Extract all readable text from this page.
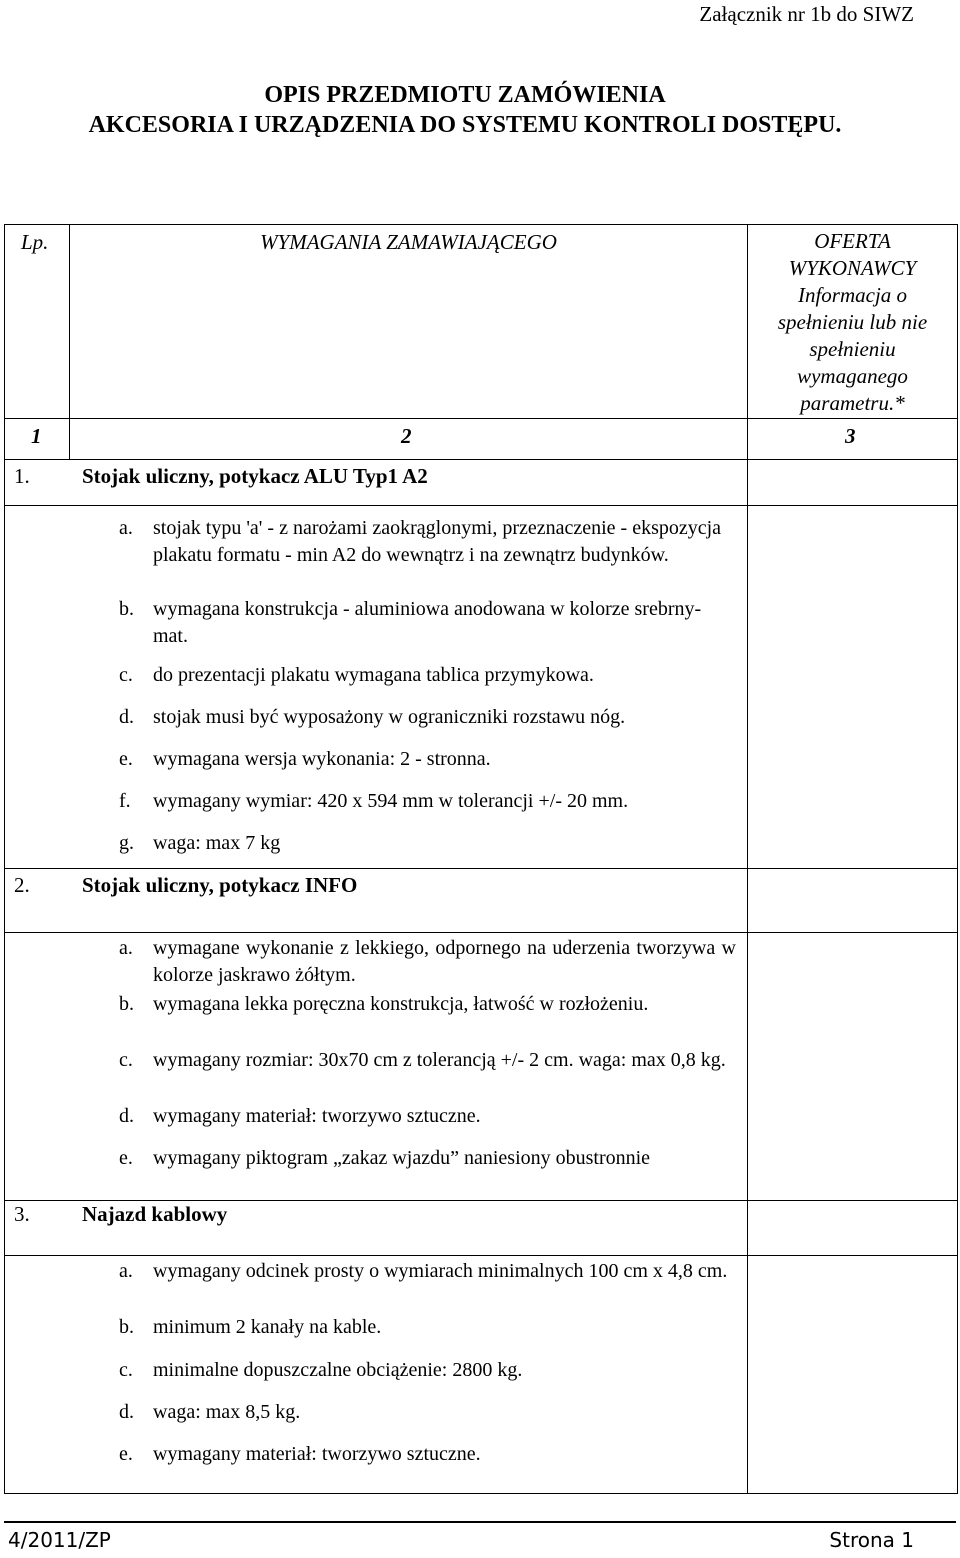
Załącznik nr 1b do SIWZ
OPIS PRZEDMIOTU ZAMÓWIENIA
AKCESORIA I URZĄDZENIA DO SYSTEMU KONTROLI DOSTĘPU.
Lp.	WYMAGANIA ZAMAWIAJĄCEGO	OFERTA
WYKONAWCY
Informacja o
spełnieniu lub nie
spełnieniu
wymaganego
parametru.*
1	2	3
1. Stojak uliczny, potykacz ALU Typ1 A2
a. stojak typu 'a' - z narożami zaokrąglonymi, przeznaczenie - ekspozycja plakatu formatu - min A2 do wewnątrz i na zewnątrz budynków.
b. wymagana konstrukcja - aluminiowa anodowana w kolorze srebrny-mat.
c. do prezentacji plakatu wymagana tablica przymykowa.
d. stojak musi być wyposażony w ograniczniki rozstawu nóg.
e. wymagana wersja wykonania: 2 - stronna.
f. wymagany wymiar: 420 x 594 mm w tolerancji +/- 20 mm.
g. waga: max 7 kg
2. Stojak uliczny, potykacz INFO
a. wymagane wykonanie z lekkiego, odpornego na uderzenia tworzywa w kolorze jaskrawo żółtym.
b. wymagana lekka poręczna konstrukcja, łatwość w rozłożeniu.
c. wymagany rozmiar: 30x70 cm z tolerancją +/- 2 cm. waga: max 0,8 kg.
d. wymagany materiał: tworzywo sztuczne.
e. wymagany piktogram „zakaz wjazdu” naniesiony obustronnie
3. Najazd kablowy
a. wymagany odcinek prosty o wymiarach minimalnych 100 cm x 4,8 cm.
b. minimum 2 kanały na kable.
c. minimalne dopuszczalne obciążenie: 2800 kg.
d. waga: max 8,5 kg.
e. wymagany materiał: tworzywo sztuczne.
4/2011/ZP	Strona 1
